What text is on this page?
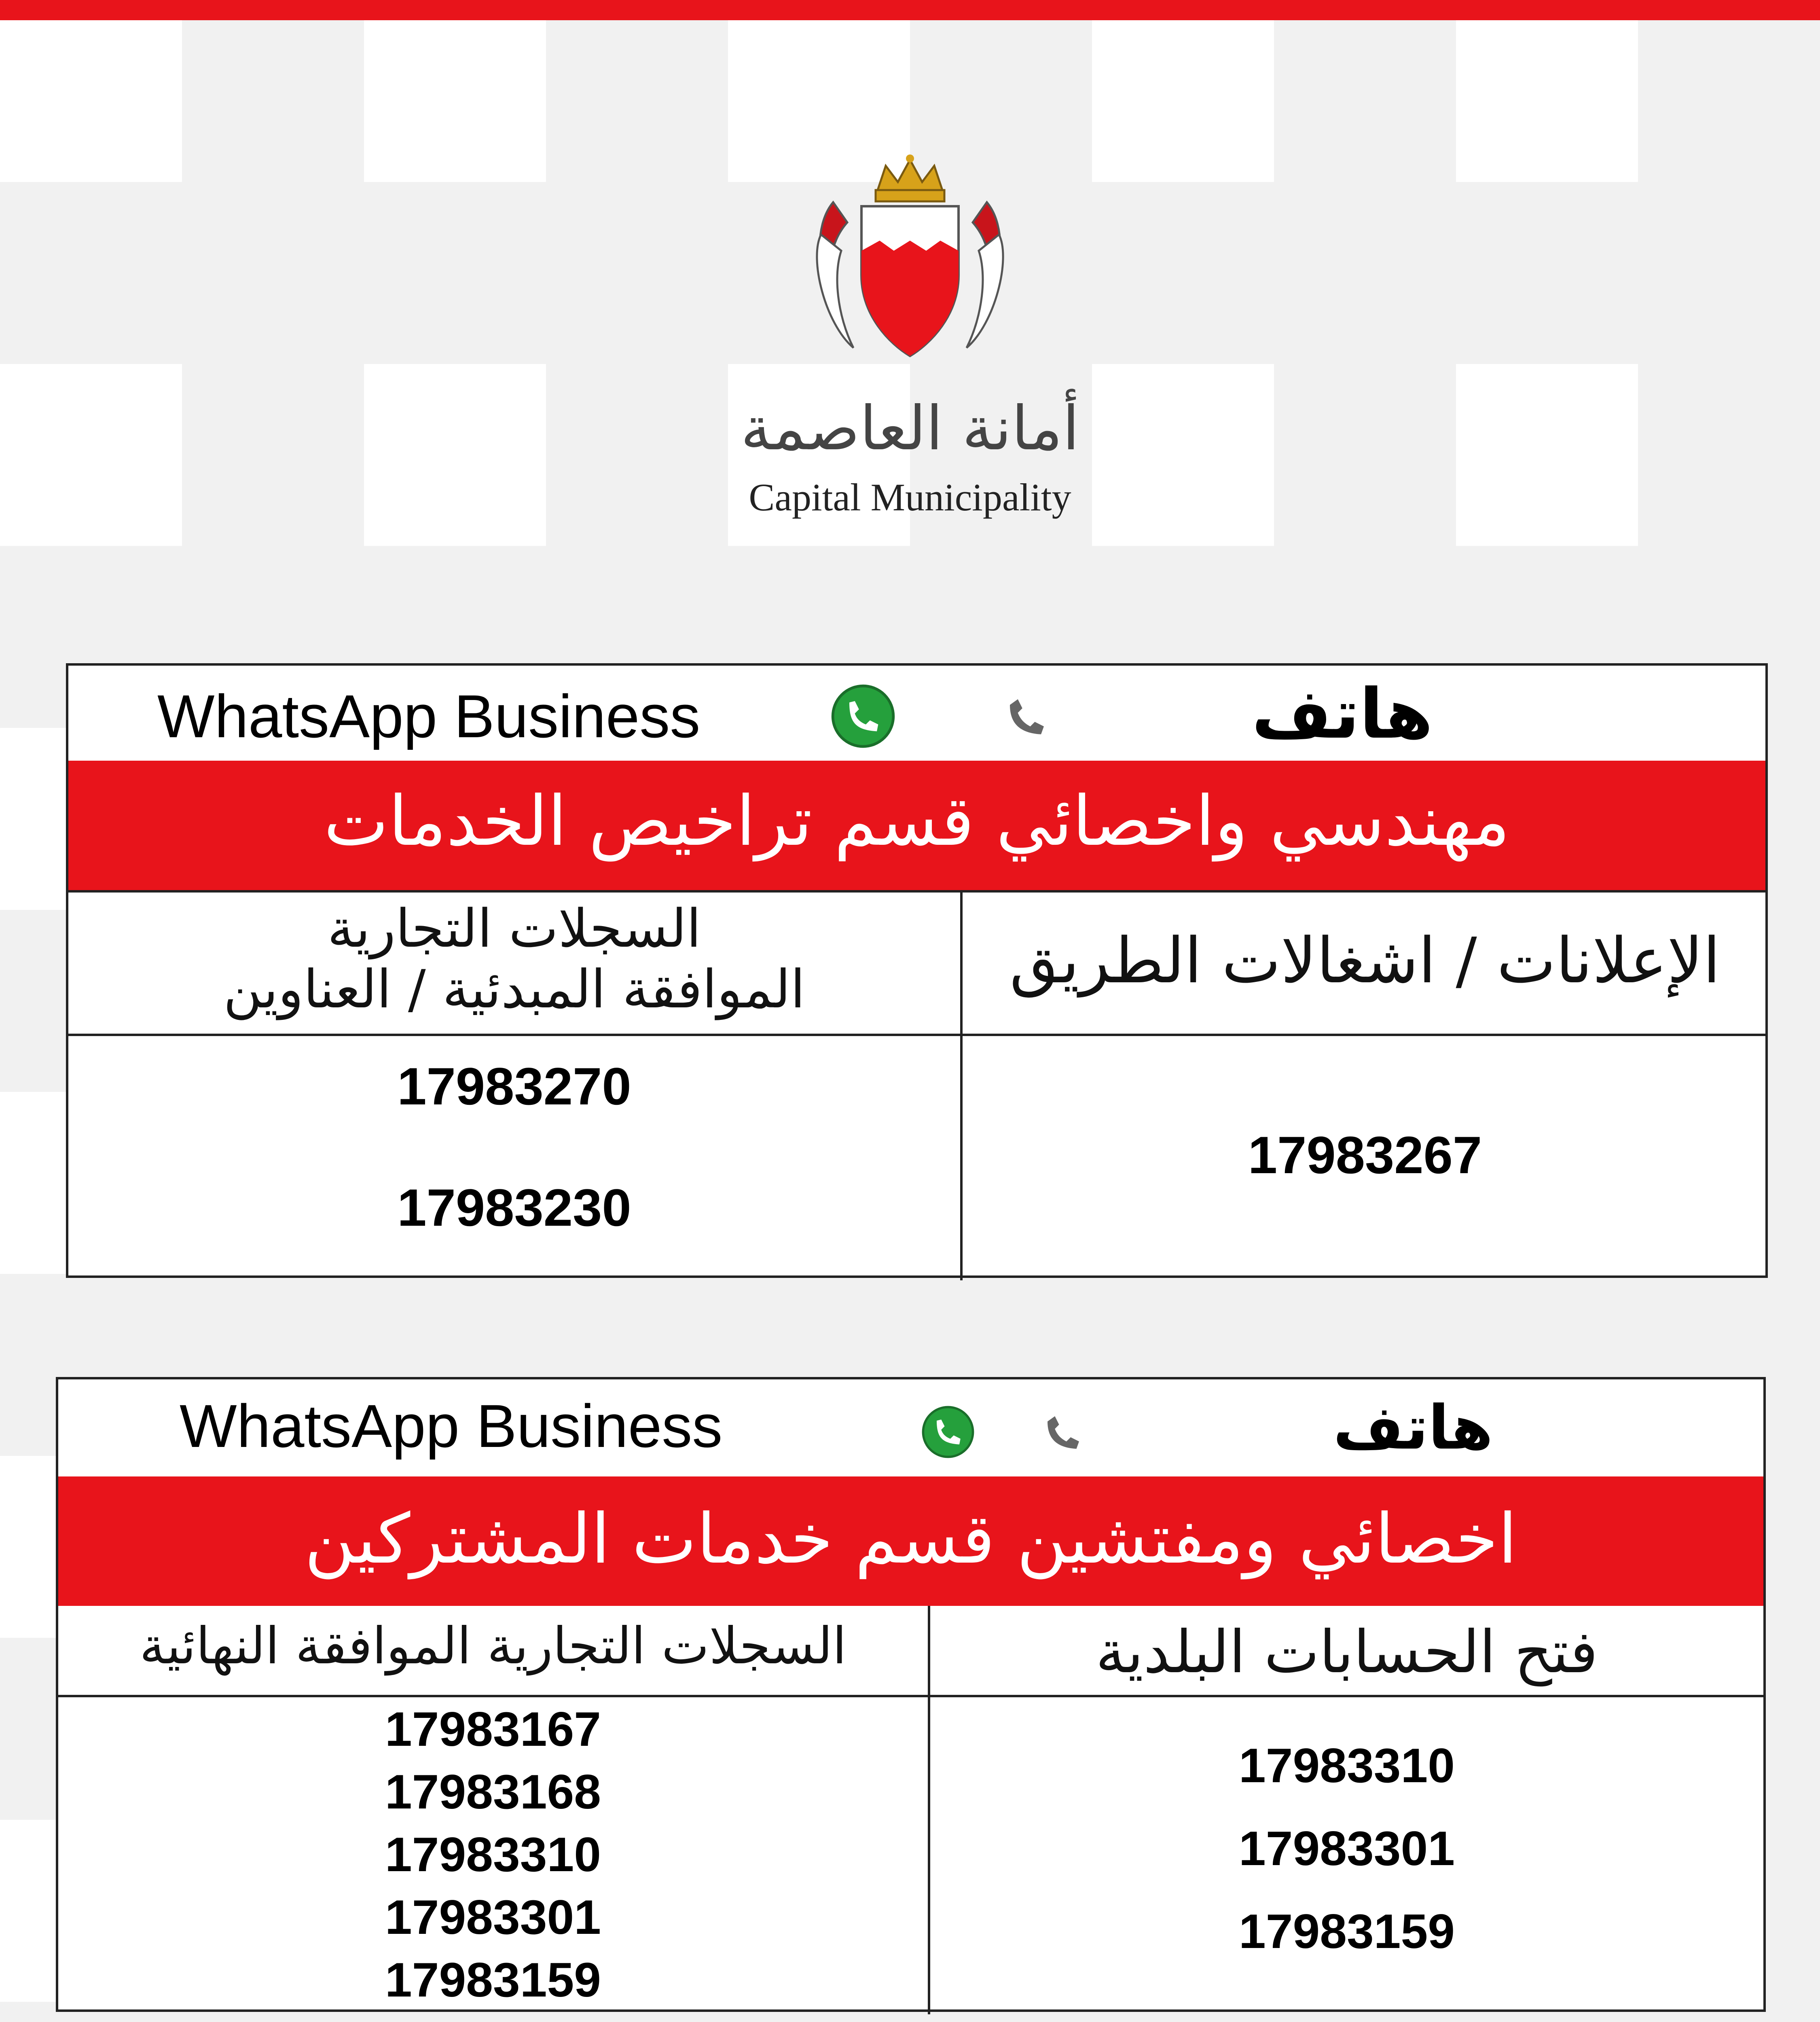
أمانة العاصمة
Capital Municipality
WhatsApp Business	هاتف
مهندسي واخصائي قسم تراخيص الخدمات
الإعلانات / اشغالات الطريق
السجلات التجارية
الموافقة المبدئية / العناوين
17983267
17983270
17983230
WhatsApp Business	هاتف
اخصائي ومفتشين قسم خدمات المشتركين
فتح الحسابات البلدية
السجلات التجارية الموافقة النهائية
17983310
17983301
17983159
17983167
17983168
17983310
17983301
17983159
